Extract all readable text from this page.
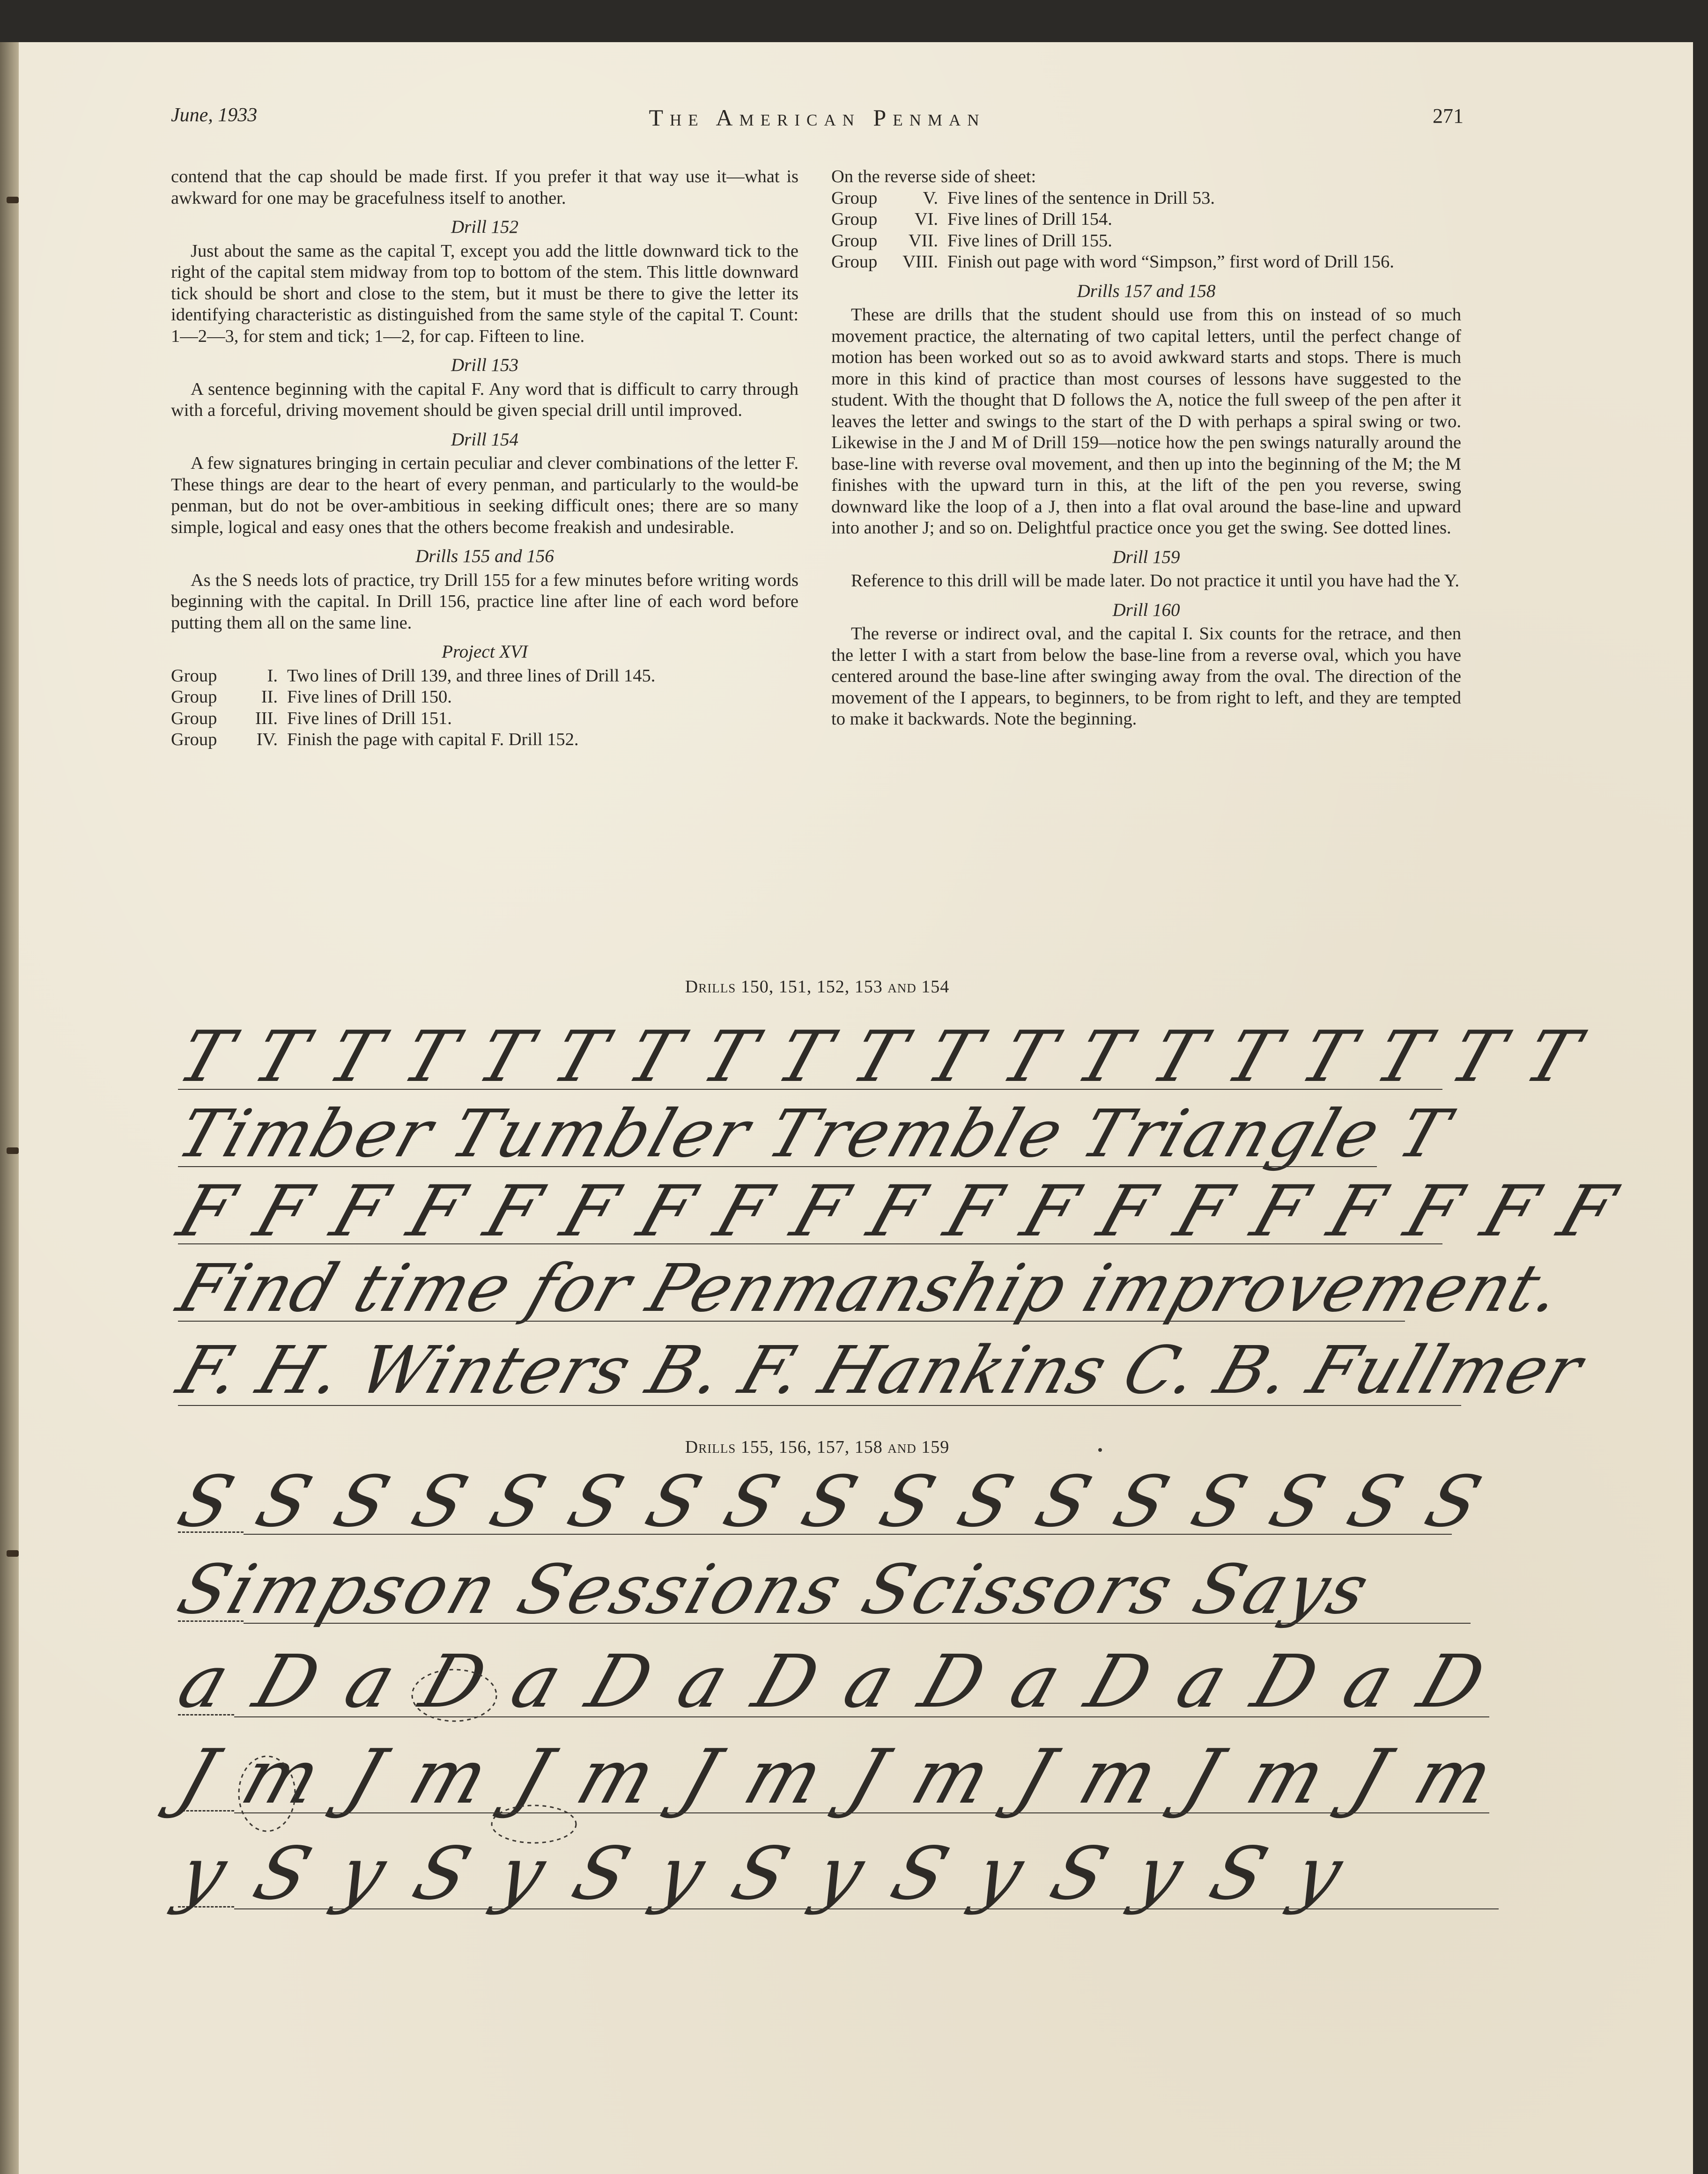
June, 1933	The American Penman	271

contend that the cap should be made first. If you prefer it that way use it—what is awkward for one may be gracefulness itself to another.

Drill 152

Just about the same as the capital T, except you add the little downward tick to the right of the capital stem midway from top to bottom of the stem. This little downward tick should be short and close to the stem, but it must be there to give the letter its identifying characteristic as distinguished from the same style of the capital T. Count: 1—2—3, for stem and tick; 1—2, for cap. Fifteen to line.

Drill 153

A sentence beginning with the capital F. Any word that is difficult to carry through with a forceful, driving movement should be given special drill until improved.

Drill 154

A few signatures bringing in certain peculiar and clever combinations of the letter F. These things are dear to the heart of every penman, and particularly to the would-be penman, but do not be over-ambitious in seeking difficult ones; there are so many simple, logical and easy ones that the others become freakish and undesirable.

Drills 155 and 156

As the S needs lots of practice, try Drill 155 for a few minutes before writing words beginning with the capital. In Drill 156, practice line after line of each word before putting them all on the same line.

Project XVI
Group	I.	Two lines of Drill 139, and three lines of Drill 145.
Group	II.	Five lines of Drill 150.
Group	III.	Five lines of Drill 151.
Group	IV.	Finish the page with capital F. Drill 152.

On the reverse side of sheet:

Group	V.	Five lines of the sentence in Drill 53.
Group	VI.	Five lines of Drill 154.
Group	VII.	Five lines of Drill 155.
Group	VIII.	Finish out page with word “Simpson,” first word of Drill 156.
Drills 157 and 158

These are drills that the student should use from this on instead of so much movement practice, the alternating of two capital letters, until the perfect change of motion has been worked out so as to avoid awkward starts and stops. There is much more in this kind of practice than most courses of lessons have suggested to the student. With the thought that D follows the A, notice the full sweep of the pen after it leaves the letter and swings to the start of the D with perhaps a spiral swing or two. Likewise in the J and M of Drill 159—notice how the pen swings naturally around the base-line with reverse oval movement, and then up into the beginning of the M; the M finishes with the upward turn in this, at the lift of the pen you reverse, swing downward like the loop of a J, then into a flat oval around the base-line and upward into another J; and so on. Delightful practice once you get the swing. See dotted lines.

Drill 159

Reference to this drill will be made later. Do not practice it until you have had the Y.

Drill 160

The reverse or indirect oval, and the capital I. Six counts for the retrace, and then the letter I with a start from below the base-line from a reverse oval, which you have centered around the base-line after swinging away from the oval. The direction of the movement of the I appears, to beginners, to be from right to left, and they are tempted to make it backwards. Note the beginning.

Drills 150, 151, 152, 153 and 154
T T T T T T T T T T T T T T T T T T T
Timber Tumbler Tremble Triangle T
F F F F F F F F F F F F F F F F F F F
Find time for Penmanship improvement.
F. H. Winters B. F. Hankins C. B. Fullmer
Drills 155, 156, 157, 158 and 159
S S S S S S S S S S S S S S S S S
Simpson Sessions Scissors Says
a D a D a D a D a D a D a D a D
J m J m J m J m J m J m J m J m
y S y S y S y S y S y S y S y
